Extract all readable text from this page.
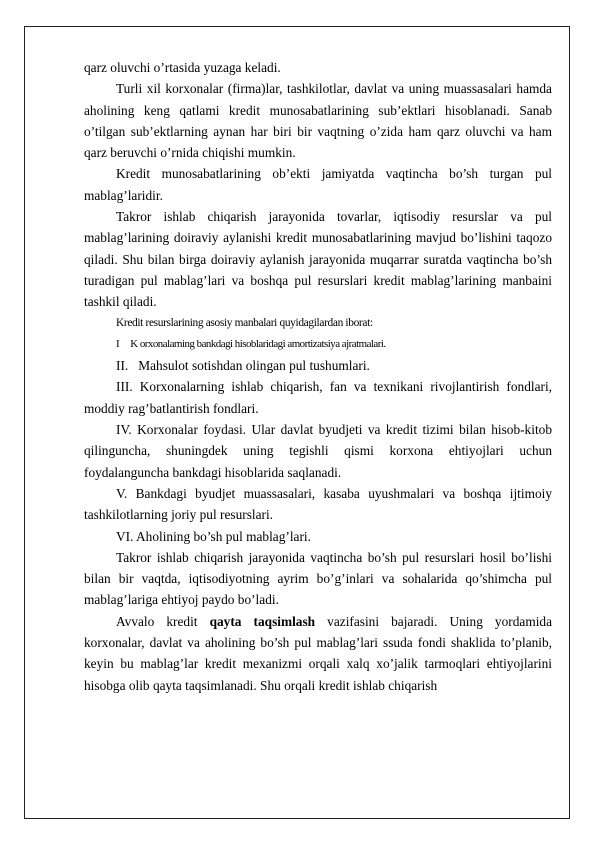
qarz oluvchi o’rtasida yuzaga keladi.

Turli xil korxonalar (firma)lar, tashkilotlar, davlat va uning muassasalari hamda aholining keng qatlami kredit munosabatlarining sub’ektlari hisoblanadi. Sanab o’tilgan sub’ektlarning aynan har biri bir vaqtning o’zida ham qarz oluvchi va ham qarz beruvchi o’rnida chiqishi mumkin.

Kredit munosabatlarining ob’ekti jamiyatda vaqtincha bo’sh turgan pul mablag’laridir.

Takror ishlab chiqarish jarayonida tovarlar, iqtisodiy resurslar va pul mablag’larining doiraviy aylanishi kredit munosabatlarining mavjud bo’lishini taqozo qiladi. Shu bilan birga doiraviy aylanish jarayonida muqarrar suratda vaqtincha bo’sh turadigan pul mablag’lari va boshqa pul resurslari kredit mablag’larining manbaini tashkil qiladi.

Kredit resurslarining asosiy manbalari quyidagilardan iborat:

I     K orxonalarning bankdagi hisoblaridagi amortizatsiya ajratmalari.

II.   Mahsulot sotishdan olingan pul tushumlari.

III. Korxonalarning ishlab chiqarish, fan va texnikani rivojlantirish fondlari, moddiy rag’batlantirish fondlari.

IV. Korxonalar foydasi. Ular davlat byudjeti va kredit tizimi bilan hisob-kitob qilinguncha, shuningdek uning tegishli qismi korxona ehtiyojlari uchun foydalanguncha bankdagi hisoblarida saqlanadi.

V. Bankdagi byudjet muassasalari, kasaba uyushmalari va boshqa ijtimoiy tashkilotlarning joriy pul resurslari.

VI. Aholining bo’sh pul mablag’lari.

Takror ishlab chiqarish jarayonida vaqtincha bo’sh pul resurslari hosil bo’lishi bilan bir vaqtda, iqtisodiyotning ayrim bo’g’inlari va sohalarida qo’shimcha pul mablag’lariga ehtiyoj paydo bo’ladi.

Avvalo kredit qayta taqsimlash vazifasini bajaradi. Uning yordamida korxonalar, davlat va aholining bo’sh pul mablag’lari ssuda fondi shaklida to’planib, keyin bu mablag’lar kredit mexanizmi orqali xalq xo’jalik tarmoqlari ehtiyojlarini hisobga olib qayta taqsimlanadi. Shu orqali kredit ishlab chiqarish
